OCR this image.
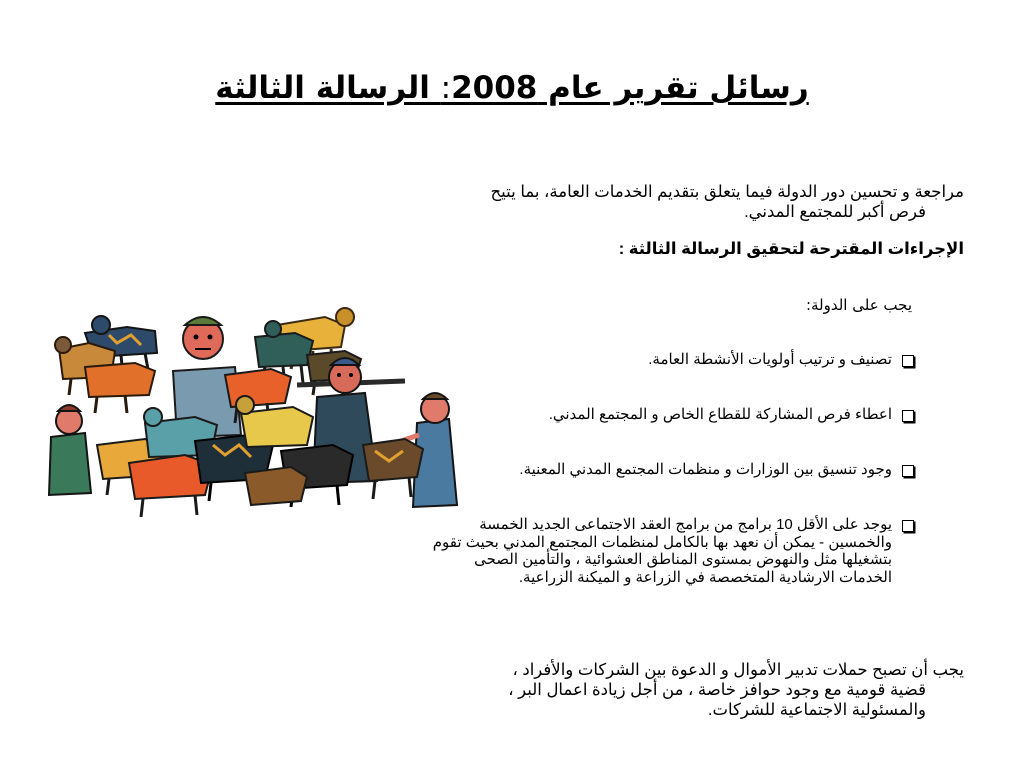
رسائل تقرير عام 2008: الرسالة الثالثة
مراجعة و تحسين دور الدولة فيما يتعلق بتقديم الخدمات العامة، بما يتيح
فرص أكبر للمجتمع المدني.
الإجراءات المقترحة لتحقيق الرسالة الثالثة :
يجب على الدولة:
تصنيف و ترتيب أولويات الأنشطة العامة.
اعطاء فرص المشاركة للقطاع الخاص و المجتمع المدني.
وجود تنسيق بين الوزارات و منظمات المجتمع المدني المعنية.
يوجد على الأقل 10 برامج من برامج العقد الاجتماعى الجديد الخمسة والخمسين - يمكن أن نعهد بها بالكامل لمنظمات المجتمع المدني بحيث تقوم بتشغيلها مثل والنهوض بمستوى المناطق العشوائية ، والتأمين الصحى الخدمات الارشادية المتخصصة في الزراعة و الميكنة الزراعية.
يجب أن تصبح حملات تدبير الأموال و الدعوة بين الشركات والأفراد ،
قضية قومية مع وجود حوافز خاصة ، من أجل زيادة اعمال البر ،
والمسئولية الاجتماعية للشركات.
